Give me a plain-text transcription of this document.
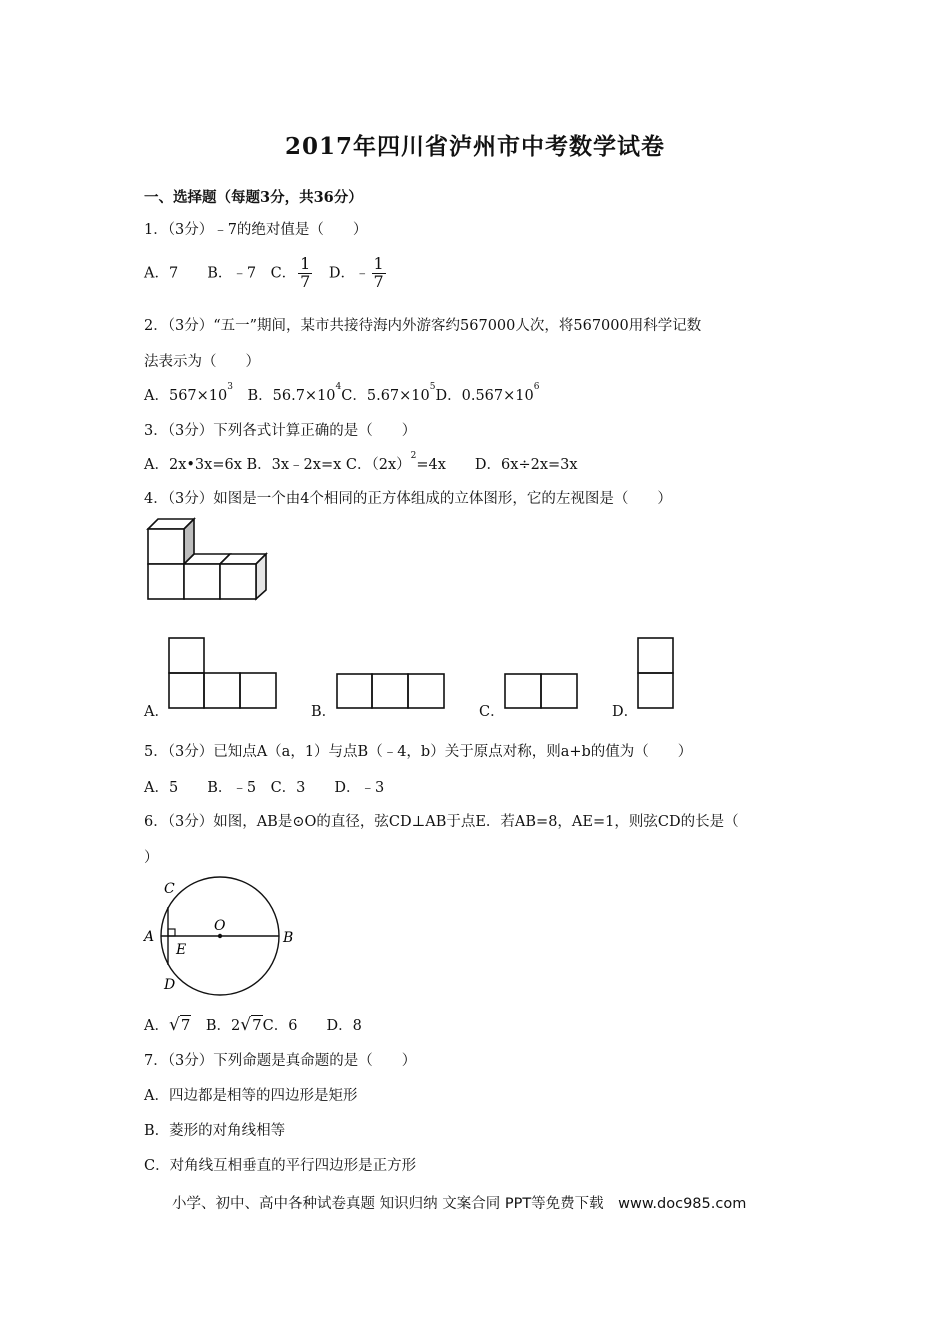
2017年四川省泸州市中考数学试卷
一、选择题（每题3分，共36分）
1．（3分）﹣7的绝对值是（　　）
A．7　　B．﹣7　C． $\frac{1}{7}$ 　D．﹣ $\frac{1}{7}$
2．（3分）“五一”期间，某市共接待海内外游客约567000人次，将567000用科学记数
法表示为（　　）
A．$567\times 10^3$　B．$56.7\times 10^4C$．$5.67\times 10^5D$．$0.567\times 10^6$
3．（3分）下列各式计算正确的是（　　）
A．2x•3x=6x B．3x﹣2x=x C．$(2x)^2=4x$　　D．6x÷2x=3x
4．（3分）如图是一个由4个相同的正方体组成的立体图形，它的左视图是（　　）
A．	B．	C．	D．
5．（3分）已知点A（a，1）与点B（﹣4，b）关于原点对称，则a+b的值为（　　）
A．5　　B．﹣5　C．3　　D．﹣3
6．（3分）如图，AB是⊙O的直径，弦CD⊥AB于点E．若AB=8，AE=1，则弦CD的长是（
）
C
A
E
O
B
D
A．√7　B．2√7C．6　　D．8
7．（3分）下列命题是真命题的是（　　）
A．四边都是相等的四边形是矩形
B．菱形的对角线相等
C．对角线互相垂直的平行四边形是正方形
小学、初中、高中各种试卷真题 知识归纳 文案合同 PPT等免费下载　www.doc985.com
